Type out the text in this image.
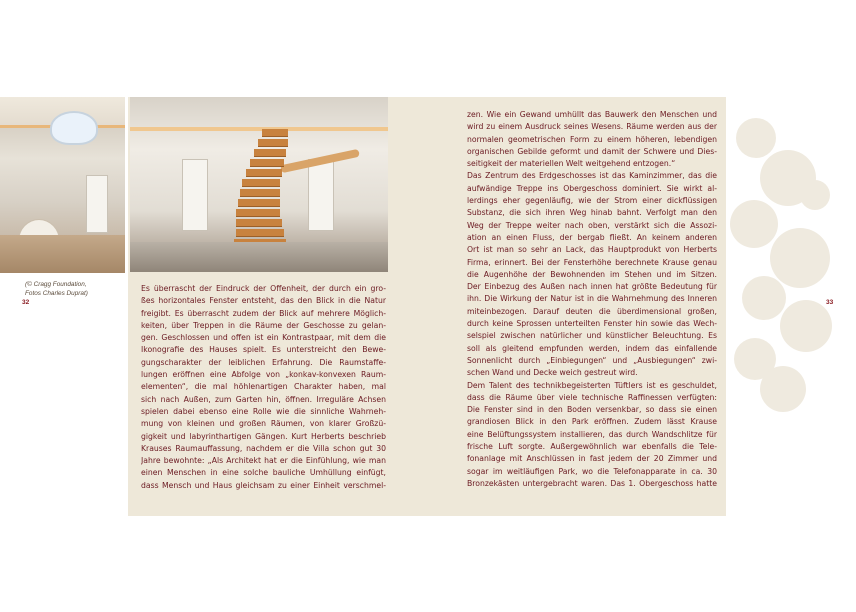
(© Cragg Foundation,
Fotos Charles Duprat)
32	33
Es überrascht der Eindruck der Offenheit, der durch ein gro-
ßes horizontales Fenster entsteht, das den Blick in die Natur
freigibt. Es überrascht zudem der Blick auf mehrere Möglich-
keiten, über Treppen in die Räume der Geschosse zu gelan-
gen. Geschlossen und offen ist ein Kontrastpaar, mit dem die
Ikonografie des Hauses spielt. Es unterstreicht den Bewe-
gungscharakter der leiblichen Erfahrung. Die Raumstaffe-
lungen eröffnen eine Abfolge von „konkav-konvexen Raum-
elementen“, die mal höhlenartigen Charakter haben, mal
sich nach Außen, zum Garten hin, öffnen. Irreguläre Achsen
spielen dabei ebenso eine Rolle wie die sinnliche Wahrneh-
mung von kleinen und großen Räumen, von klarer Großzü-
gigkeit und labyrinthartigen Gängen. Kurt Herberts beschrieb
Krauses Raumauffassung, nachdem er die Villa schon gut 30
Jahre bewohnte: „Als Architekt hat er die Einfühlung, wie man
einen Menschen in eine solche bauliche Umhüllung einfügt,
dass Mensch und Haus gleichsam zu einer Einheit verschmel-
zen. Wie ein Gewand umhüllt das Bauwerk den Menschen und
wird zu einem Ausdruck seines Wesens. Räume werden aus der
normalen geometrischen Form zu einem höheren, lebendigen
organischen Gebilde geformt und damit der Schwere und Dies-
seitigkeit der materiellen Welt weitgehend entzogen.“
Das Zentrum des Erdgeschosses ist das Kaminzimmer, das die
aufwändige Treppe ins Obergeschoss dominiert. Sie wirkt al-
lerdings eher gegenläufig, wie der Strom einer dickflüssigen
Substanz, die sich ihren Weg hinab bahnt. Verfolgt man den
Weg der Treppe weiter nach oben, verstärkt sich die Assozi-
ation an einen Fluss, der bergab fließt. An keinem anderen
Ort ist man so sehr an Lack, das Hauptprodukt von Herberts
Firma, erinnert. Bei der Fensterhöhe berechnete Krause genau
die Augenhöhe der Bewohnenden im Stehen und im Sitzen.
Der Einbezug des Außen nach innen hat größte Bedeutung für
ihn. Die Wirkung der Natur ist in die Wahrnehmung des Inneren
miteinbezogen. Darauf deuten die überdimensional großen,
durch keine Sprossen unterteilten Fenster hin sowie das Wech-
selspiel zwischen natürlicher und künstlicher Beleuchtung. Es
soll als gleitend empfunden werden, indem das einfallende
Sonnenlicht durch „Einbiegungen“ und „Ausbiegungen“ zwi-
schen Wand und Decke weich gestreut wird.
Dem Talent des technikbegeisterten Tüftlers ist es geschuldet,
dass die Räume über viele technische Raffinessen verfügten:
Die Fenster sind in den Boden versenkbar, so dass sie einen
grandiosen Blick in den Park eröffnen. Zudem lässt Krause
eine Belüftungssystem installieren, das durch Wandschlitze für
frische Luft sorgte. Außergewöhnlich war ebenfalls die Tele-
fonanlage mit Anschlüssen in fast jedem der 20 Zimmer und
sogar im weitläufigen Park, wo die Telefonapparate in ca. 30
Bronzekästen untergebracht waren. Das 1. Obergeschoss hatte
